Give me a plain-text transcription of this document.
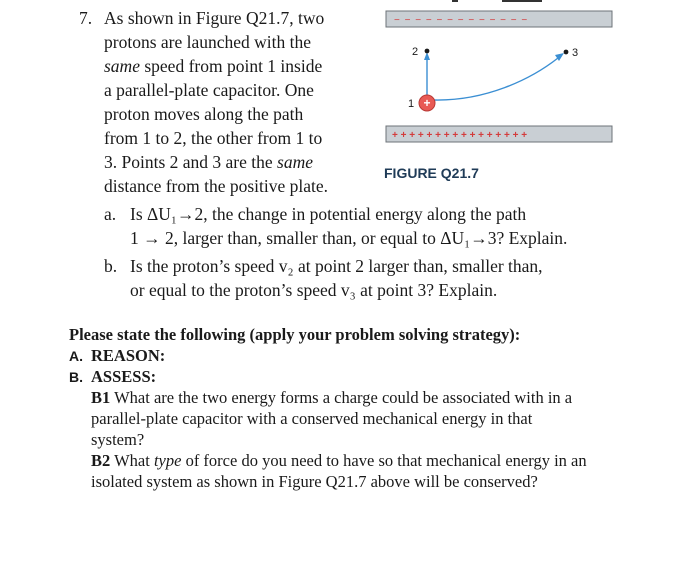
7. As shown in Figure Q21.7, two
protons are launched with the
same speed from point 1 inside
a parallel-plate capacitor. One
proton moves along the path
from 1 to 2, the other from 1 to
3. Points 2 and 3 are the same
distance from the positive plate.
− − − − − − − − − − − − −
+ + + + + + + + + + + + + + + +
2	3
1 +
FIGURE Q21.7
a. Is ΔU₁→2, the change in potential energy along the path
1 → 2, larger than, smaller than, or equal to ΔU₁→3? Explain.
b. Is the proton’s speed v₂ at point 2 larger than, smaller than,
or equal to the proton’s speed v₃ at point 3? Explain.
Please state the following (apply your problem solving strategy):
A. REASON:
B. ASSESS:
B1 What are the two energy forms a charge could be associated with in a
parallel-plate capacitor with a conserved mechanical energy in that
system?
B2 What type of force do you need to have so that mechanical energy in an
isolated system as shown in Figure Q21.7 above will be conserved?
